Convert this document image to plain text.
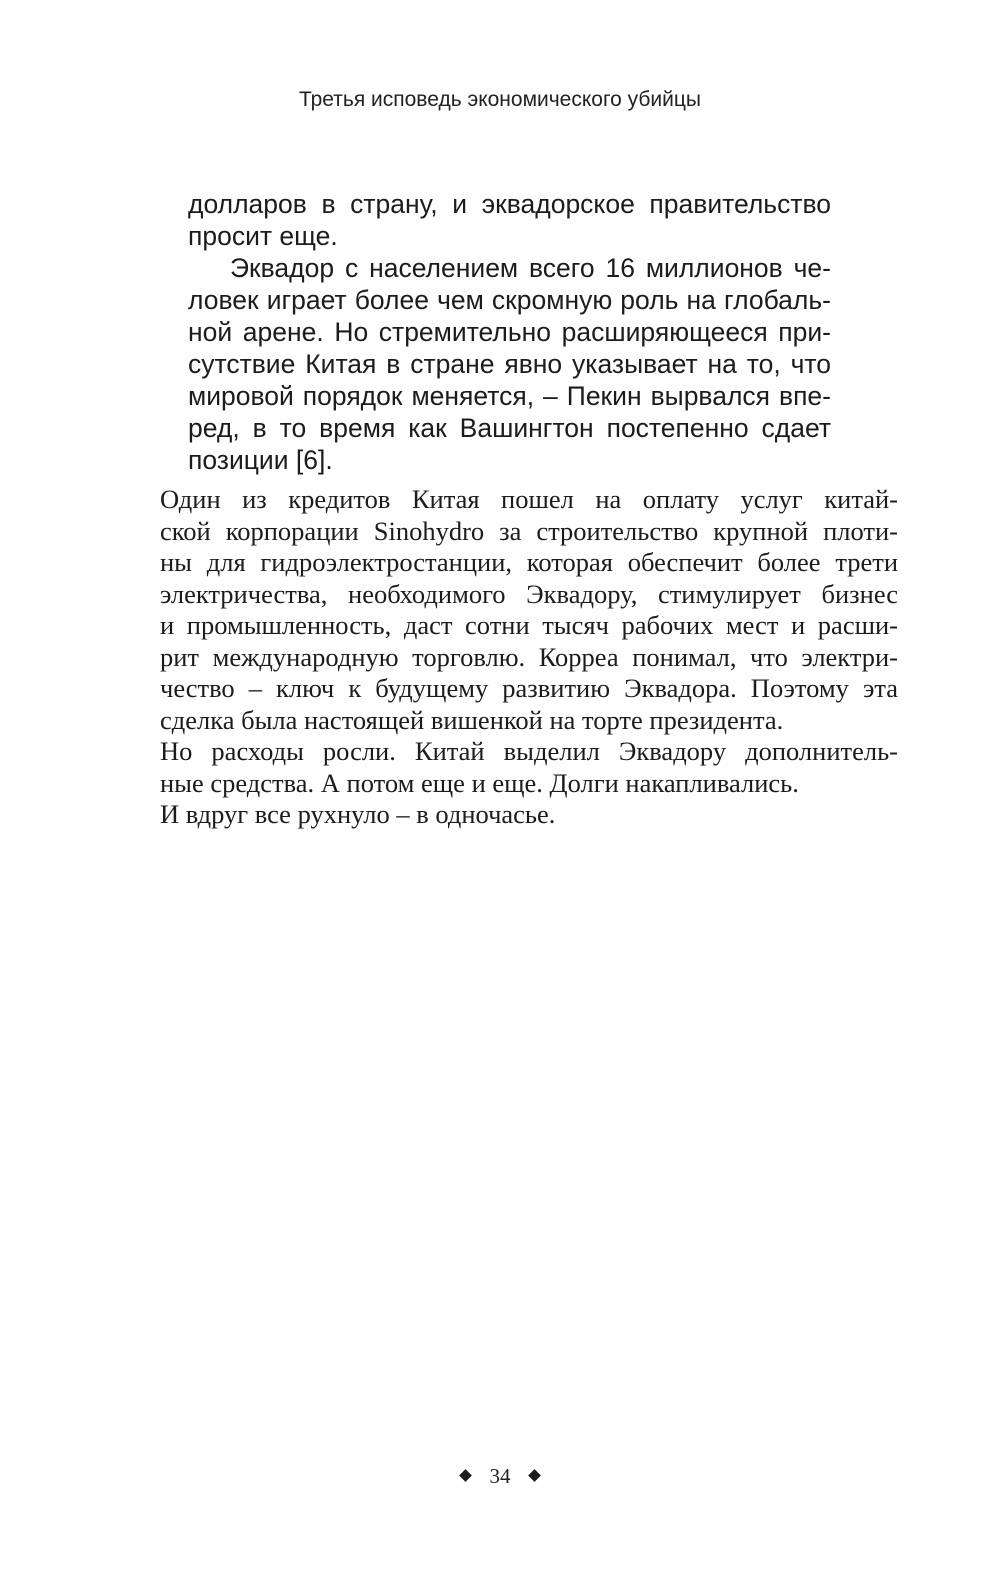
Третья исповедь экономического убийцы

долларов в страну, и эквадорское правительство
просит еще.

Эквадор с населением всего 16 миллионов че-
ловек играет более чем скромную роль на глобаль-
ной арене. Но стремительно расширяющееся при-
сутствие Китая в стране явно указывает на то, что
мировой порядок меняется, – Пекин вырвался впе-
ред, в то время как Вашингтон постепенно сдает
позиции [6].

Один из кредитов Китая пошел на оплату услуг китай-
ской корпорации Sinohydro за строительство крупной плоти-
ны для гидроэлектростанции, которая обеспечит более трети
электричества, необходимого Эквадору, стимулирует бизнес
и промышленность, даст сотни тысяч рабочих мест и расши-
рит международную торговлю. Корреа понимал, что электри-
чество – ключ к будущему развитию Эквадора. Поэтому эта
сделка была настоящей вишенкой на торте президента.

Но расходы росли. Китай выделил Эквадору дополнитель-
ные средства. А потом еще и еще. Долги накапливались.

И вдруг все рухнуло – в одночасье.

34
